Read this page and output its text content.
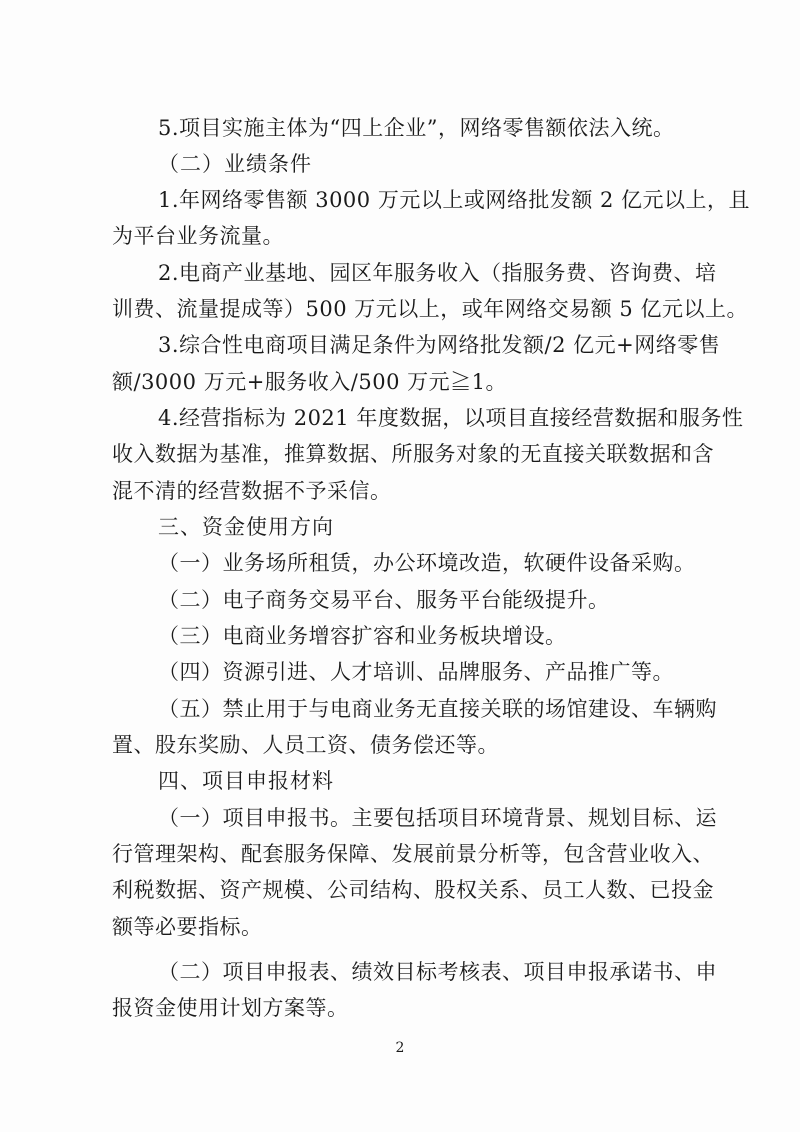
5.项目实施主体为“四上企业”，网络零售额依法入统。
（二）业绩条件
1.年网络零售额 3000 万元以上或网络批发额 2 亿元以上，且
为平台业务流量。
2.电商产业基地、园区年服务收入（指服务费、咨询费、培
训费、流量提成等）500 万元以上，或年网络交易额 5 亿元以上。
3.综合性电商项目满足条件为网络批发额/2 亿元+网络零售
额/3000 万元+服务收入/500 万元≧1。
4.经营指标为 2021 年度数据，以项目直接经营数据和服务性
收入数据为基准，推算数据、所服务对象的无直接关联数据和含
混不清的经营数据不予采信。
三、资金使用方向
（一）业务场所租赁，办公环境改造，软硬件设备采购。
（二）电子商务交易平台、服务平台能级提升。
（三）电商业务增容扩容和业务板块增设。
（四）资源引进、人才培训、品牌服务、产品推广等。
（五）禁止用于与电商业务无直接关联的场馆建设、车辆购
置、股东奖励、人员工资、债务偿还等。
四、项目申报材料
（一）项目申报书。主要包括项目环境背景、规划目标、运
行管理架构、配套服务保障、发展前景分析等，包含营业收入、
利税数据、资产规模、公司结构、股权关系、员工人数、已投金
额等必要指标。
（二）项目申报表、绩效目标考核表、项目申报承诺书、申
报资金使用计划方案等。
2
